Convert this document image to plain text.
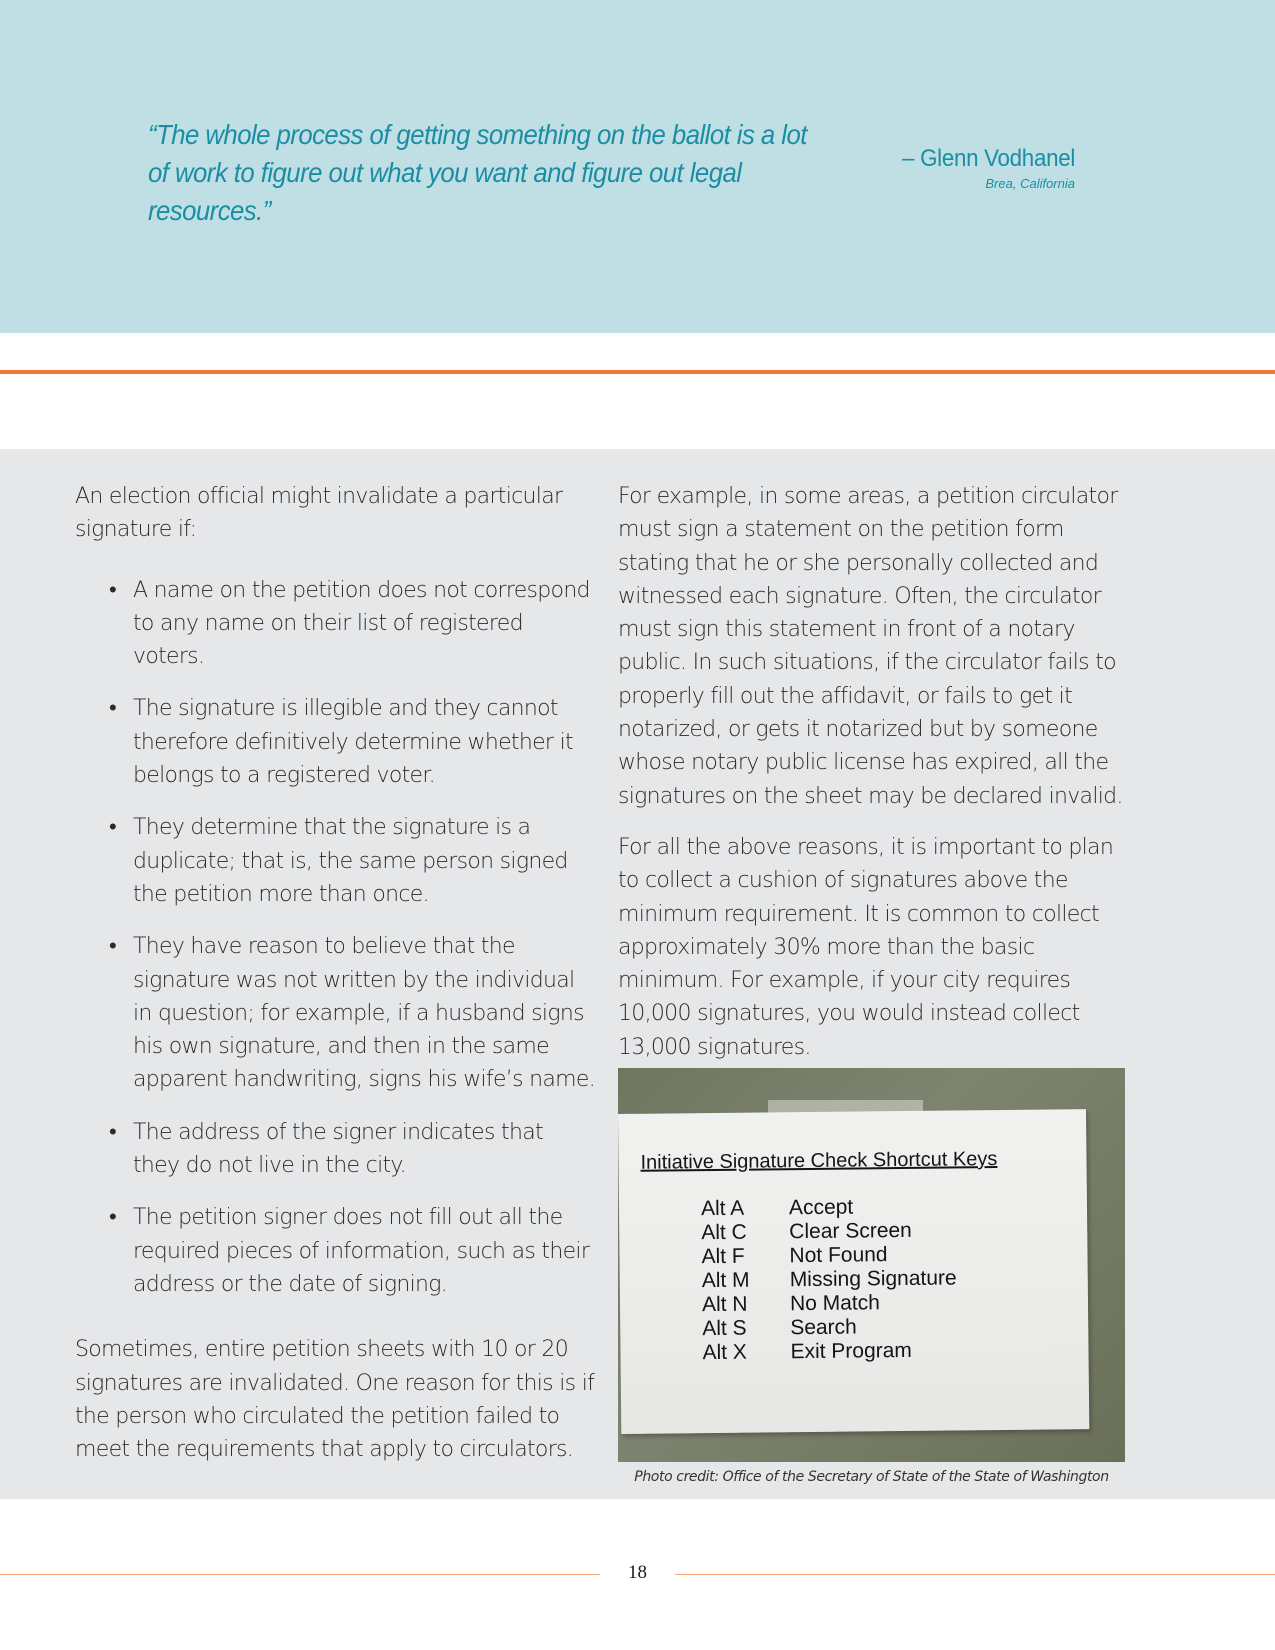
“The whole process of getting something on the ballot is a lot of work to figure out what you want and figure out legal resources.”
– Glenn Vodhanel
Brea, California

An election official might invalidate a particular signature if:

• A name on the petition does not correspond to any name on their list of registered voters.
• The signature is illegible and they cannot therefore definitively determine whether it belongs to a registered voter.
• They determine that the signature is a duplicate; that is, the same person signed the petition more than once.
• They have reason to believe that the signature was not written by the individual in question; for example, if a husband signs his own signature, and then in the same apparent handwriting, signs his wife’s name.
• The address of the signer indicates that they do not live in the city.
• The petition signer does not fill out all the required pieces of information, such as their address or the date of signing.

Sometimes, entire petition sheets with 10 or 20 signatures are invalidated. One reason for this is if the person who circulated the petition failed to meet the requirements that apply to circulators.

For example, in some areas, a petition circulator must sign a statement on the petition form stating that he or she personally collected and witnessed each signature. Often, the circulator must sign this statement in front of a notary public. In such situations, if the circulator fails to properly fill out the affidavit, or fails to get it notarized, or gets it notarized but by someone whose notary public license has expired, all the signatures on the sheet may be declared invalid.

For all the above reasons, it is important to plan to collect a cushion of signatures above the minimum requirement. It is common to collect approximately 30% more than the basic minimum. For example, if your city requires 10,000 signatures, you would instead collect 13,000 signatures.

Initiative Signature Check Shortcut Keys
Alt A	Accept
Alt C	Clear Screen
Alt F	Not Found
Alt M	Missing Signature
Alt N	No Match
Alt S	Search
Alt X	Exit Program
Photo credit: Office of the Secretary of State of the State of Washington
18
